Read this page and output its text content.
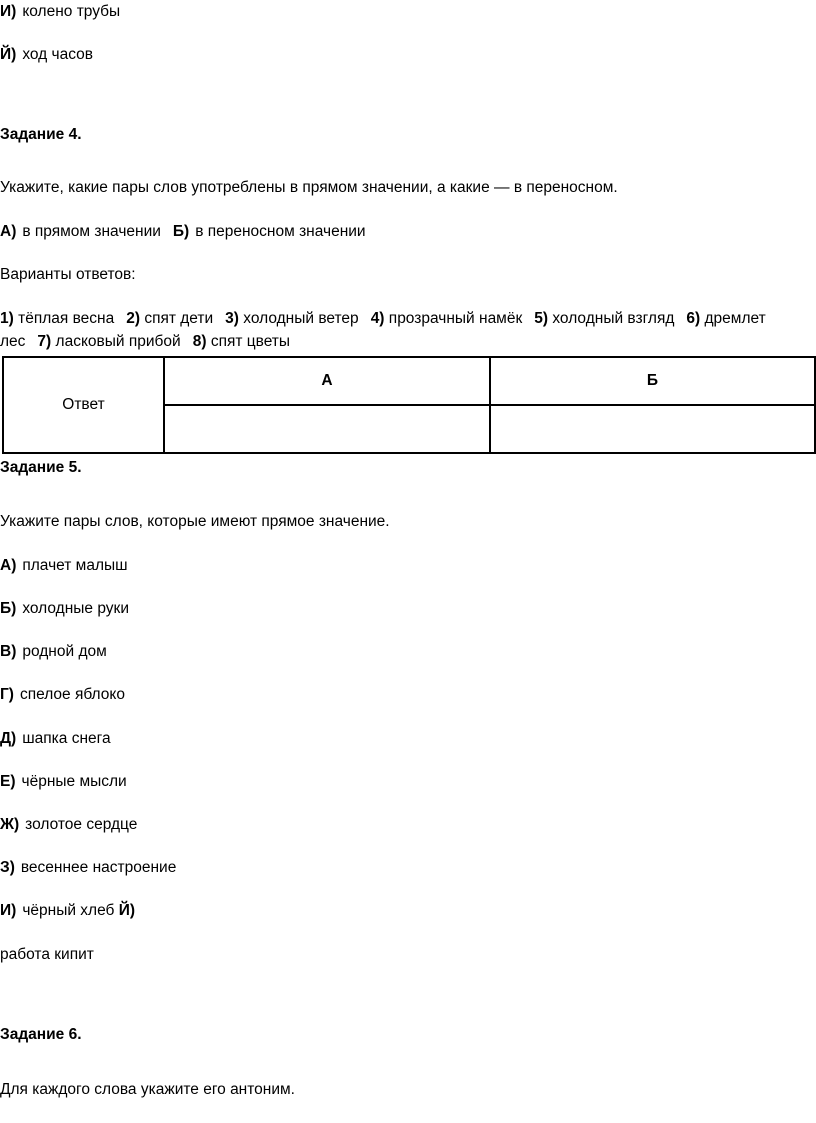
И) колено трубы
Й) ход часов
Задание 4.
Укажите, какие пары слов употреблены в прямом значении, а какие — в переносном.
А) в прямом значении Б) в переносном значении
Варианты ответов:
1) тёплая весна 2) спят дети 3) холодный ветер 4) прозрачный намёк 5) холодный взгляд 6) дремлет
лес 7) ласковый прибой 8) спят цветы
Ответ	А	Б

Задание 5.
Укажите пары слов, которые имеют прямое значение.
А) плачет малыш
Б) холодные руки
В) родной дом
Г) спелое яблоко
Д) шапка снега
Е) чёрные мысли
Ж) золотое сердце
З) весеннее настроение
И) чёрный хлеб Й)
работа кипит
Задание 6.
Для каждого слова укажите его антоним.
